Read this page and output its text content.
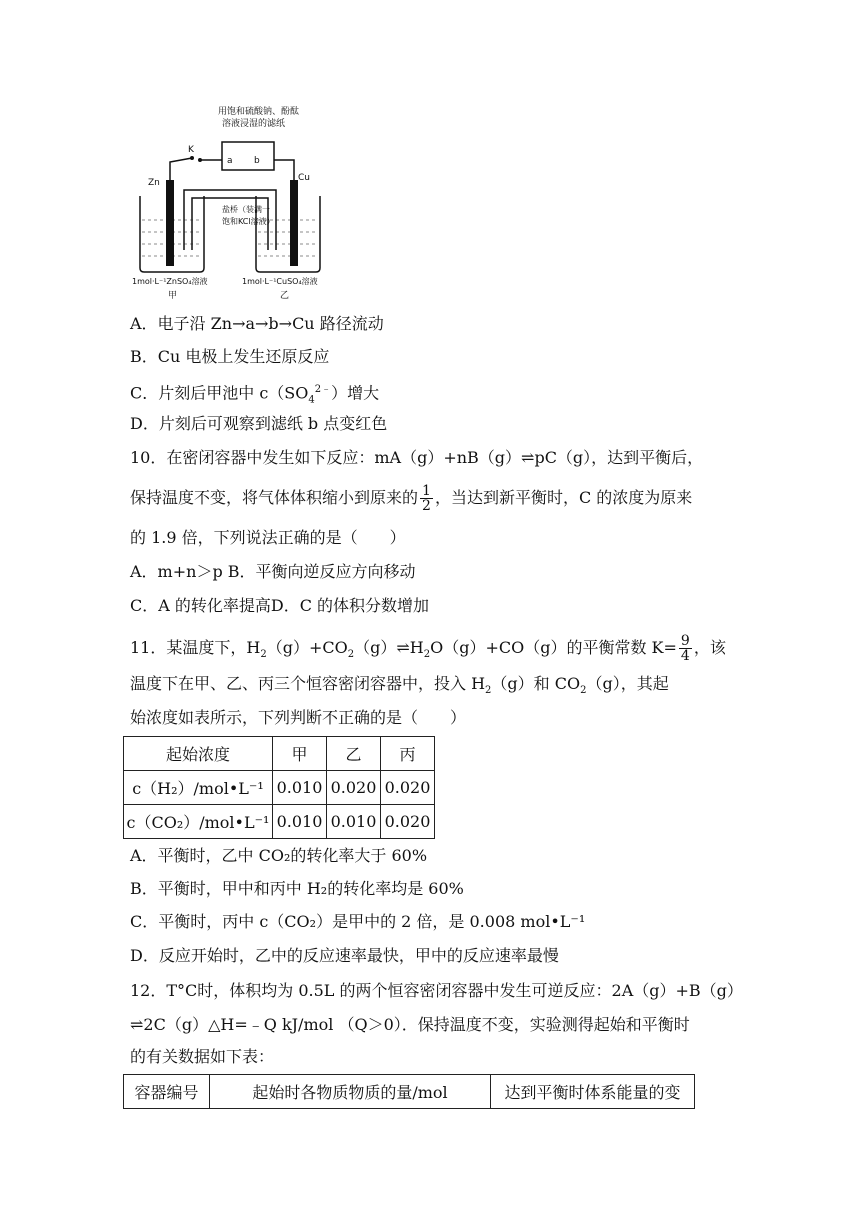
用饱和硫酸钠、酚酞
溶液浸湿的滤纸
K
a b
Zn	Cu
盐桥（装满一
饱和KCl溶液）
1mol·L⁻¹ZnSO₄溶液	1mol·L⁻¹CuSO₄溶液
甲	乙
A．电子沿 Zn→a→b→Cu 路径流动
B．Cu 电极上发生还原反应
C．片刻后甲池中 $c(SO_4^{2﹣})$增大
D．片刻后可观察到滤纸 b 点变红色
10．在密闭容器中发生如下反应：mA（g）+nB（g）⇌pC（g），达到平衡后，
保持温度不变，将气体体积缩小到原来的 $\frac{1}{2}$ ，当达到新平衡时，C 的浓度为原来
的 1.9 倍，下列说法正确的是（　　）
A．m+n＞p B．平衡向逆反应方向移动
C．A 的转化率提高D．C 的体积分数增加
11．某温度下，$H_2(g)+CO_2(g)\rightleftharpoons H_2O(g)+CO(g)$的平衡常数 $K= \frac{9}{4}$ ，该
温度下在甲、乙、丙三个恒容密闭容器中，投入 $H_2(g)$和 $CO_2(g)$，其起
始浓度如表所示，下列判断不正确的是（　　）
起始浓度	甲	乙	丙
c（H₂）/mol•L⁻¹	0.010	0.020	0.020
c（CO₂）/mol•L⁻¹	0.010	0.010	0.020
A．平衡时，乙中 CO₂的转化率大于 60%
B．平衡时，甲中和丙中 H₂的转化率均是 60%
C．平衡时，丙中 c（CO₂）是甲中的 2 倍，是 0.008 mol•L⁻¹
D．反应开始时，乙中的反应速率最快，甲中的反应速率最慢
12．T°C时，体积均为 0.5L 的两个恒容密闭容器中发生可逆反应：2A（g）+B（g）
⇌2C（g）△H=﹣Q kJ/mol （Q＞0）．保持温度不变，实验测得起始和平衡时
的有关数据如下表：
容器编号	起始时各物质物质的量/mol	达到平衡时体系能量的变
